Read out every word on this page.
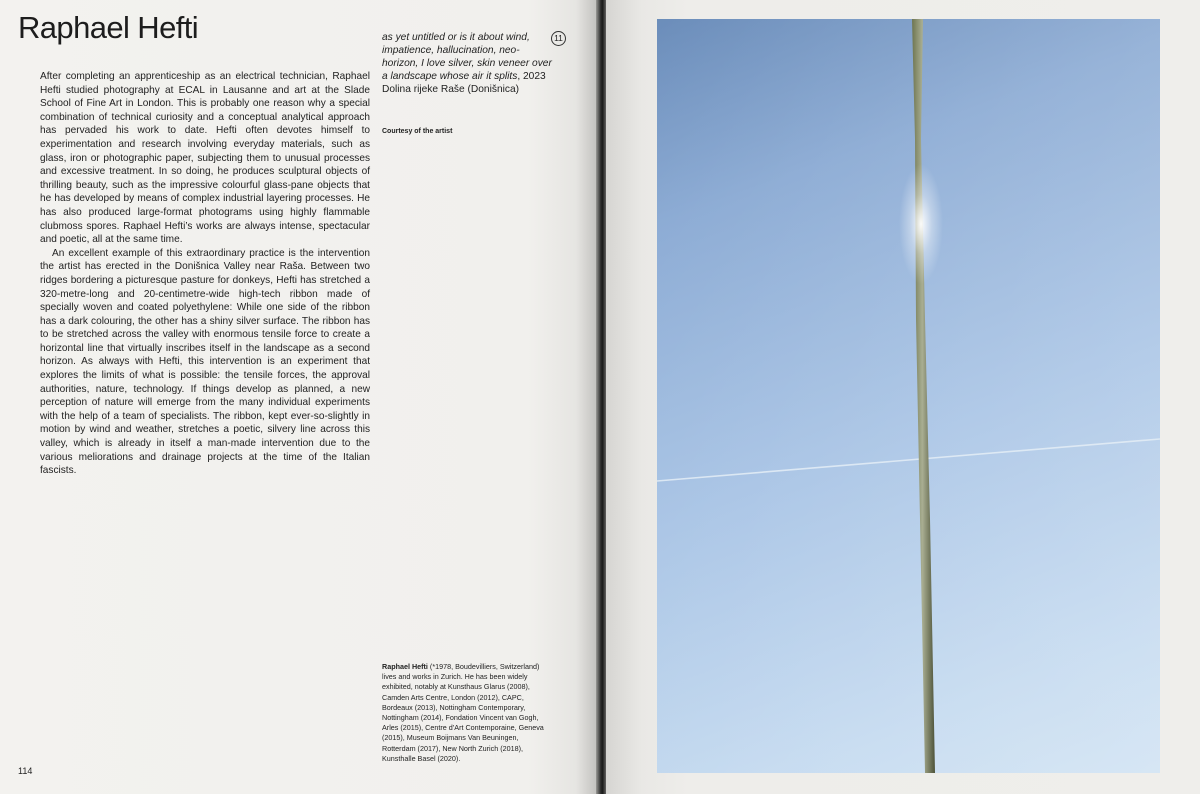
Raphael Hefti

After completing an apprenticeship as an electrical technician, Raphael Hefti studied photography at ECAL in Lausanne and art at the Slade School of Fine Art in London. This is probably one reason why a special combination of technical curiosity and a conceptual analytical approach has pervaded his work to date. Hefti often devotes himself to experimentation and research involving everyday materials, such as glass, iron or photographic paper, subjecting them to unusual processes and excessive treatment. In so doing, he produces sculptural objects of thrilling beauty, such as the impressive colourful glass-pane objects that he has developed by means of complex industrial layering processes. He has also produced large-format photograms using highly flammable clubmoss spores. Raphael Hefti’s works are always intense, spectacular and poetic, all at the same time.

An excellent example of this extraordinary practice is the intervention the artist has erected in the Donišnica Valley near Raša. Between two ridges bordering a picturesque pasture for donkeys, Hefti has stretched a 320-metre-long and 20-centimetre-wide high-tech ribbon made of specially woven and coated polyethylene: While one side of the ribbon has a dark colouring, the other has a shiny silver surface. The ribbon has to be stretched across the valley with enormous tensile force to create a horizontal line that virtually inscribes itself in the landscape as a second horizon. As always with Hefti, this intervention is an experiment that explores the limits of what is possible: the tensile forces, the approval authorities, nature, technology. If things develop as planned, a new perception of nature will emerge from the many individual experiments with the help of a team of specialists. The ribbon, kept ever-so-slightly in motion by wind and weather, stretches a poetic, silvery line across this valley, which is already in itself a man-made intervention due to the various meliorations and drainage projects at the time of the Italian fascists.

as yet untitled or is it about wind, impatience, hallucination, neo-horizon, I love silver, skin veneer over a landscape whose air it splits, 2023
Dolina rijeke Raše (Donišnica)
11
Courtesy of the artist
Raphael Hefti (*1978, Boudevilliers, Switzerland) lives and works in Zurich. He has been widely exhibited, notably at Kunsthaus Glarus (2008), Camden Arts Centre, London (2012), CAPC, Bordeaux (2013), Nottingham Contemporary, Nottingham (2014), Fondation Vincent van Gogh, Arles (2015), Centre d’Art Contemporaine, Geneva (2015), Museum Boijmans Van Beuningen, Rotterdam (2017), New North Zurich (2018), Kunsthalle Basel (2020).
114
